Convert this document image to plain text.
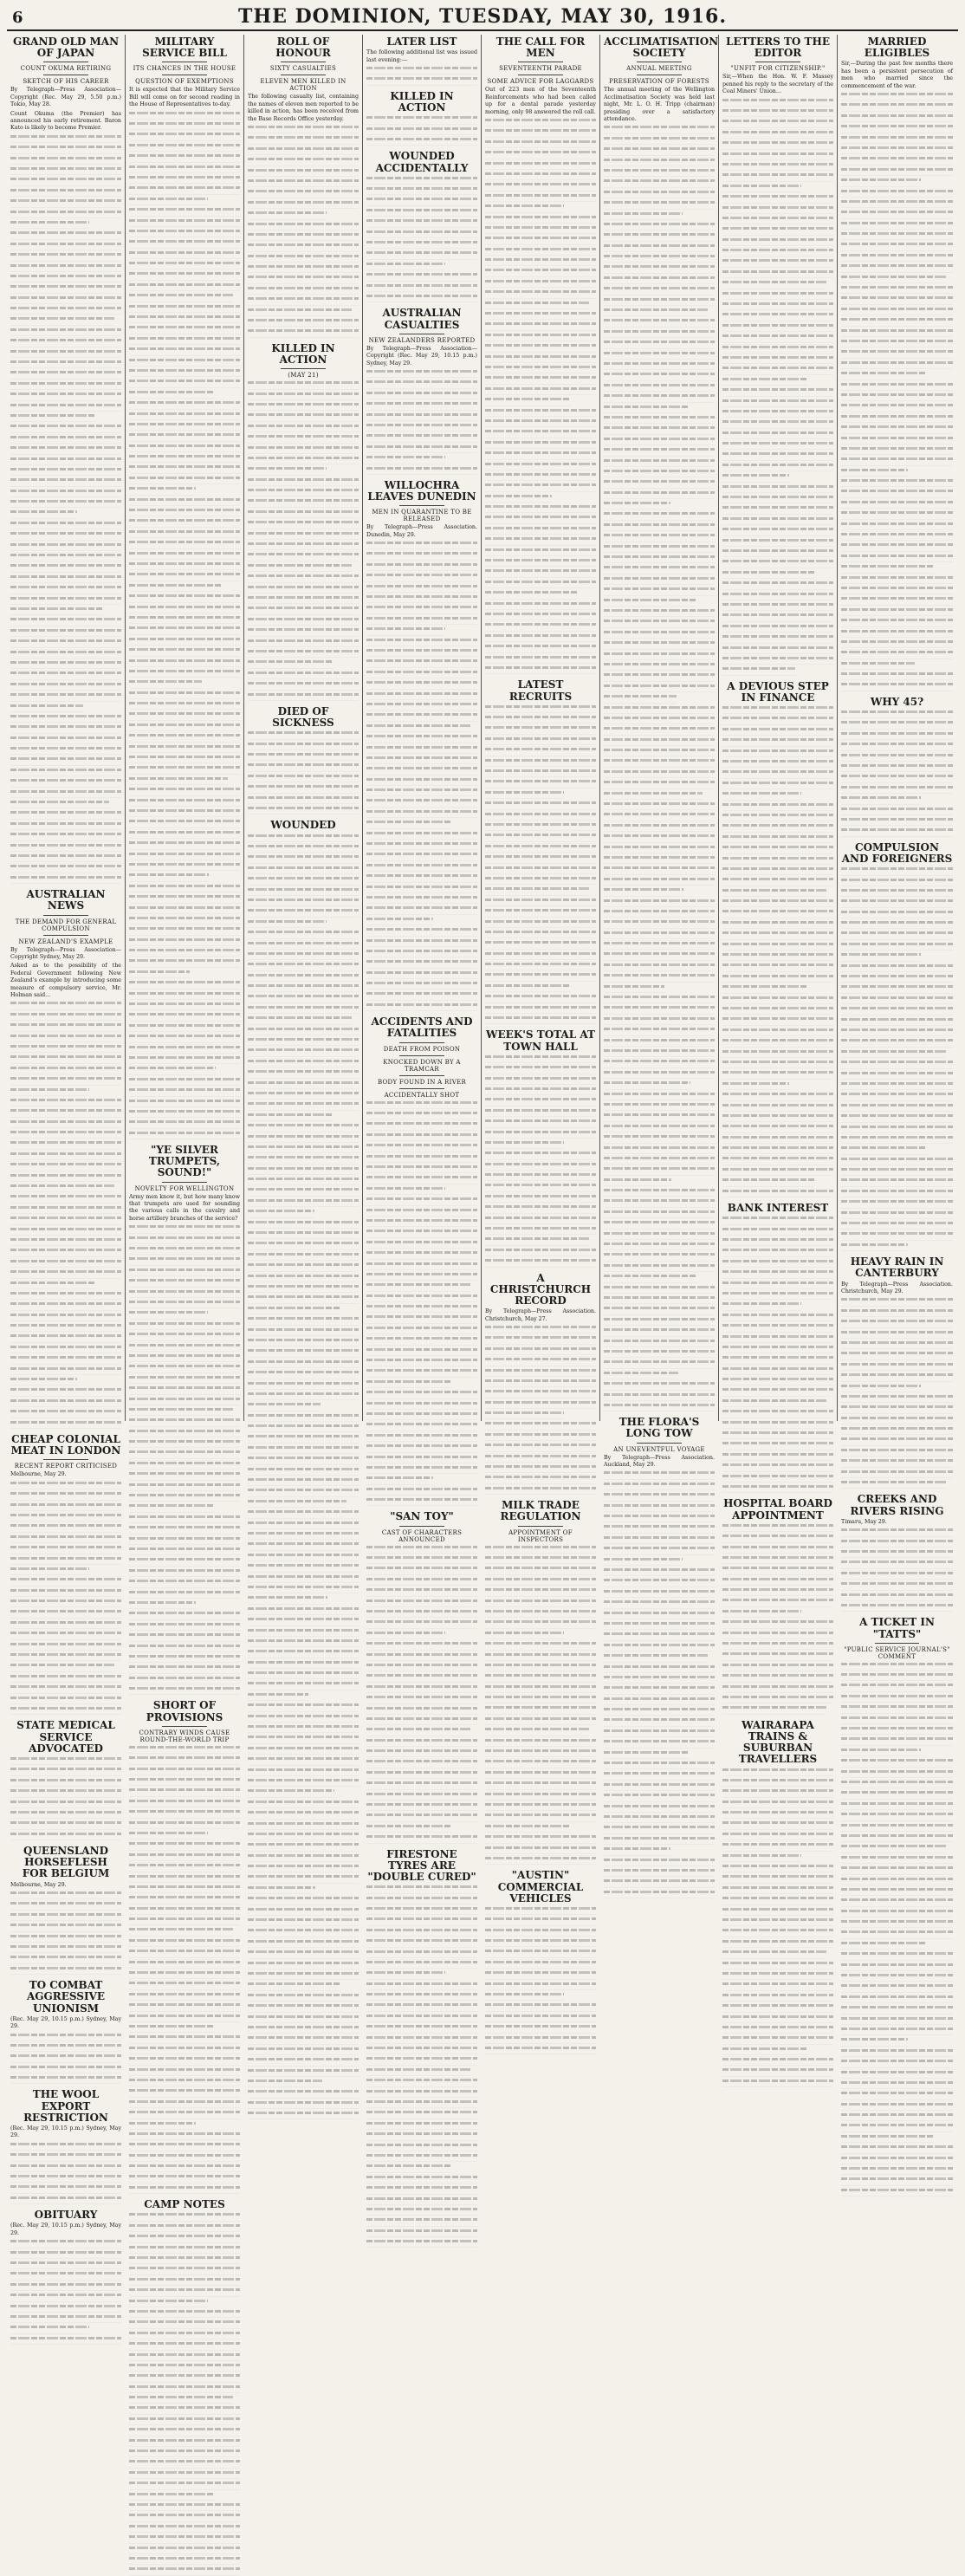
6	THE DOMINION, TUESDAY, MAY 30, 1916.
GRAND OLD MAN OF JAPAN
COUNT OKUMA RETIRING
SKETCH OF HIS CAREER
By Telegraph—Press Association—Copyright (Rec. May 29, 5.50 p.m.) Tokio, May 28.
Count Okuma (the Premier) has announced his early retirement. Baron Kato is likely to become Premier.
AUSTRALIAN NEWS
THE DEMAND FOR GENERAL COMPULSION
NEW ZEALAND'S EXAMPLE
By Telegraph—Press Association—Copyright Sydney, May 29.
Asked as to the possibility of the Federal Government following New Zealand's example by introducing some measure of compulsory service, Mr. Holman said...
CHEAP COLONIAL MEAT IN LONDON
RECENT REPORT CRITICISED
Melbourne, May 29.
STATE MEDICAL SERVICE ADVOCATED
QUEENSLAND HORSEFLESH FOR BELGIUM
Melbourne, May 29.
TO COMBAT AGGRESSIVE UNIONISM
(Rec. May 29, 10.15 p.m.) Sydney, May 29.
THE WOOL EXPORT RESTRICTION
(Rec. May 29, 10.15 p.m.) Sydney, May 29.
OBITUARY
(Rec. May 29, 10.15 p.m.) Sydney, May 29.
MILITARY SERVICE BILL
ITS CHANCES IN THE HOUSE
QUESTION OF EXEMPTIONS
It is expected that the Military Service Bill will come on for second reading in the House of Representatives to-day.
"YE SILVER TRUMPETS, SOUND!"
NOVELTY FOR WELLINGTON
Army men know it, but how many know that trumpets are used for sounding the various calls in the cavalry and horse artillery branches of the service?
SHORT OF PROVISIONS
CONTRARY WINDS CAUSE ROUND-THE-WORLD TRIP
CAMP NOTES
ROLL OF HONOUR
SIXTY CASUALTIES
ELEVEN MEN KILLED IN ACTION
The following casualty list, containing the names of eleven men reported to be killed in action, has been received from the Base Records Office yesterday.
KILLED IN ACTION
(MAY 21)
DIED OF SICKNESS
WOUNDED
LATER LIST
The following additional list was issued last evening:—
KILLED IN ACTION
WOUNDED ACCIDENTALLY
AUSTRALIAN CASUALTIES
NEW ZEALANDERS REPORTED
By Telegraph—Press Association—Copyright (Rec. May 29, 10.15 p.m.) Sydney, May 29.
WILLOCHRA LEAVES DUNEDIN
MEN IN QUARANTINE TO BE RELEASED
By Telegraph—Press Association. Dunedin, May 29.
ACCIDENTS AND FATALITIES
DEATH FROM POISON
KNOCKED DOWN BY A TRAMCAR
BODY FOUND IN A RIVER
ACCIDENTALLY SHOT
"SAN TOY"
CAST OF CHARACTERS ANNOUNCED
FIRESTONE TYRES ARE "DOUBLE CURED"
THE CALL FOR MEN
SEVENTEENTH PARADE
SOME ADVICE FOR LAGGARDS
Out of 223 men of the Seventeenth Reinforcements who had been called up for a dental parade yesterday morning, only 98 answered the roll call.
LATEST RECRUITS
WEEK'S TOTAL AT TOWN HALL
A CHRISTCHURCH RECORD
By Telegraph—Press Association. Christchurch, May 27.
MILK TRADE REGULATION
APPOINTMENT OF INSPECTORS
"AUSTIN" COMMERCIAL VEHICLES
ACCLIMATISATION SOCIETY
ANNUAL MEETING
PRESERVATION OF FORESTS
The annual meeting of the Wellington Acclimatisation Society was held last night, Mr. L. O. H. Tripp (chairman) presiding over a satisfactory attendance.
THE FLORA'S LONG TOW
AN UNEVENTFUL VOYAGE
By Telegraph—Press Association. Auckland, May 29.
LETTERS TO THE EDITOR
"UNFIT FOR CITIZENSHIP."
Sir,—When the Hon. W. F. Massey penned his reply to the secretary of the Coal Miners' Union...
A DEVIOUS STEP IN FINANCE
BANK INTEREST
HOSPITAL BOARD APPOINTMENT
WAIRARAPA TRAINS & SUBURBAN TRAVELLERS
MARRIED ELIGIBLES
Sir,—During the past few months there has been a persistent persecution of men who married since the commencement of the war.
WHY 45?
COMPULSION AND FOREIGNERS
HEAVY RAIN IN CANTERBURY
By Telegraph—Press Association. Christchurch, May 29.
CREEKS AND RIVERS RISING
Timaru, May 29.
A TICKET IN "TATTS"
"PUBLIC SERVICE JOURNAL'S" COMMENT
